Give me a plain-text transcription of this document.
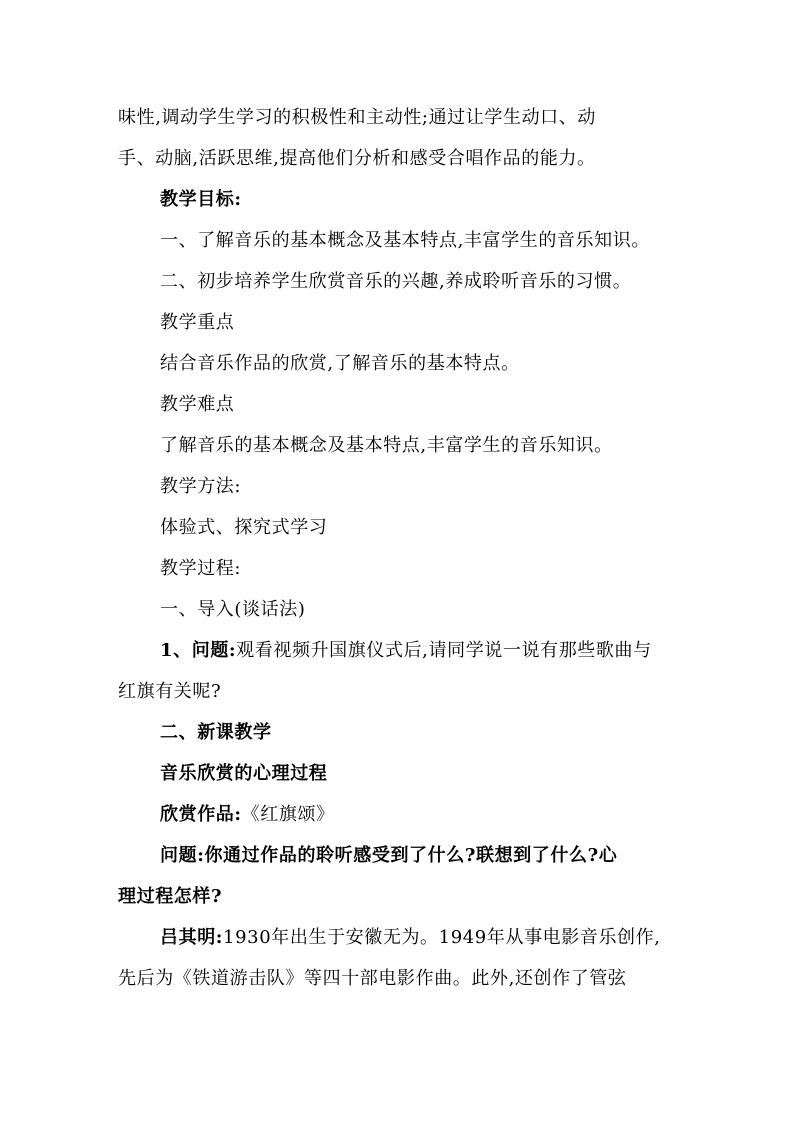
味性,调动学生学习的积极性和主动性;通过让学生动口、动
手、动脑,活跃思维,提高他们分析和感受合唱作品的能力。
教学目标:
一、了解音乐的基本概念及基本特点,丰富学生的音乐知识。
二、初步培养学生欣赏音乐的兴趣,养成聆听音乐的习惯。
教学重点
结合音乐作品的欣赏,了解音乐的基本特点。
教学难点
了解音乐的基本概念及基本特点,丰富学生的音乐知识。
教学方法:
体验式、探究式学习
教学过程:
一、导入(谈话法)
1、问题:观看视频升国旗仪式后,请同学说一说有那些歌曲与
红旗有关呢?
二、新课教学
音乐欣赏的心理过程
欣赏作品:《红旗颂》
问题:你通过作品的聆听感受到了什么?联想到了什么?心
理过程怎样?
吕其明:1930年出生于安徽无为。1949年从事电影音乐创作,
先后为《铁道游击队》等四十部电影作曲。此外,还创作了管弦
